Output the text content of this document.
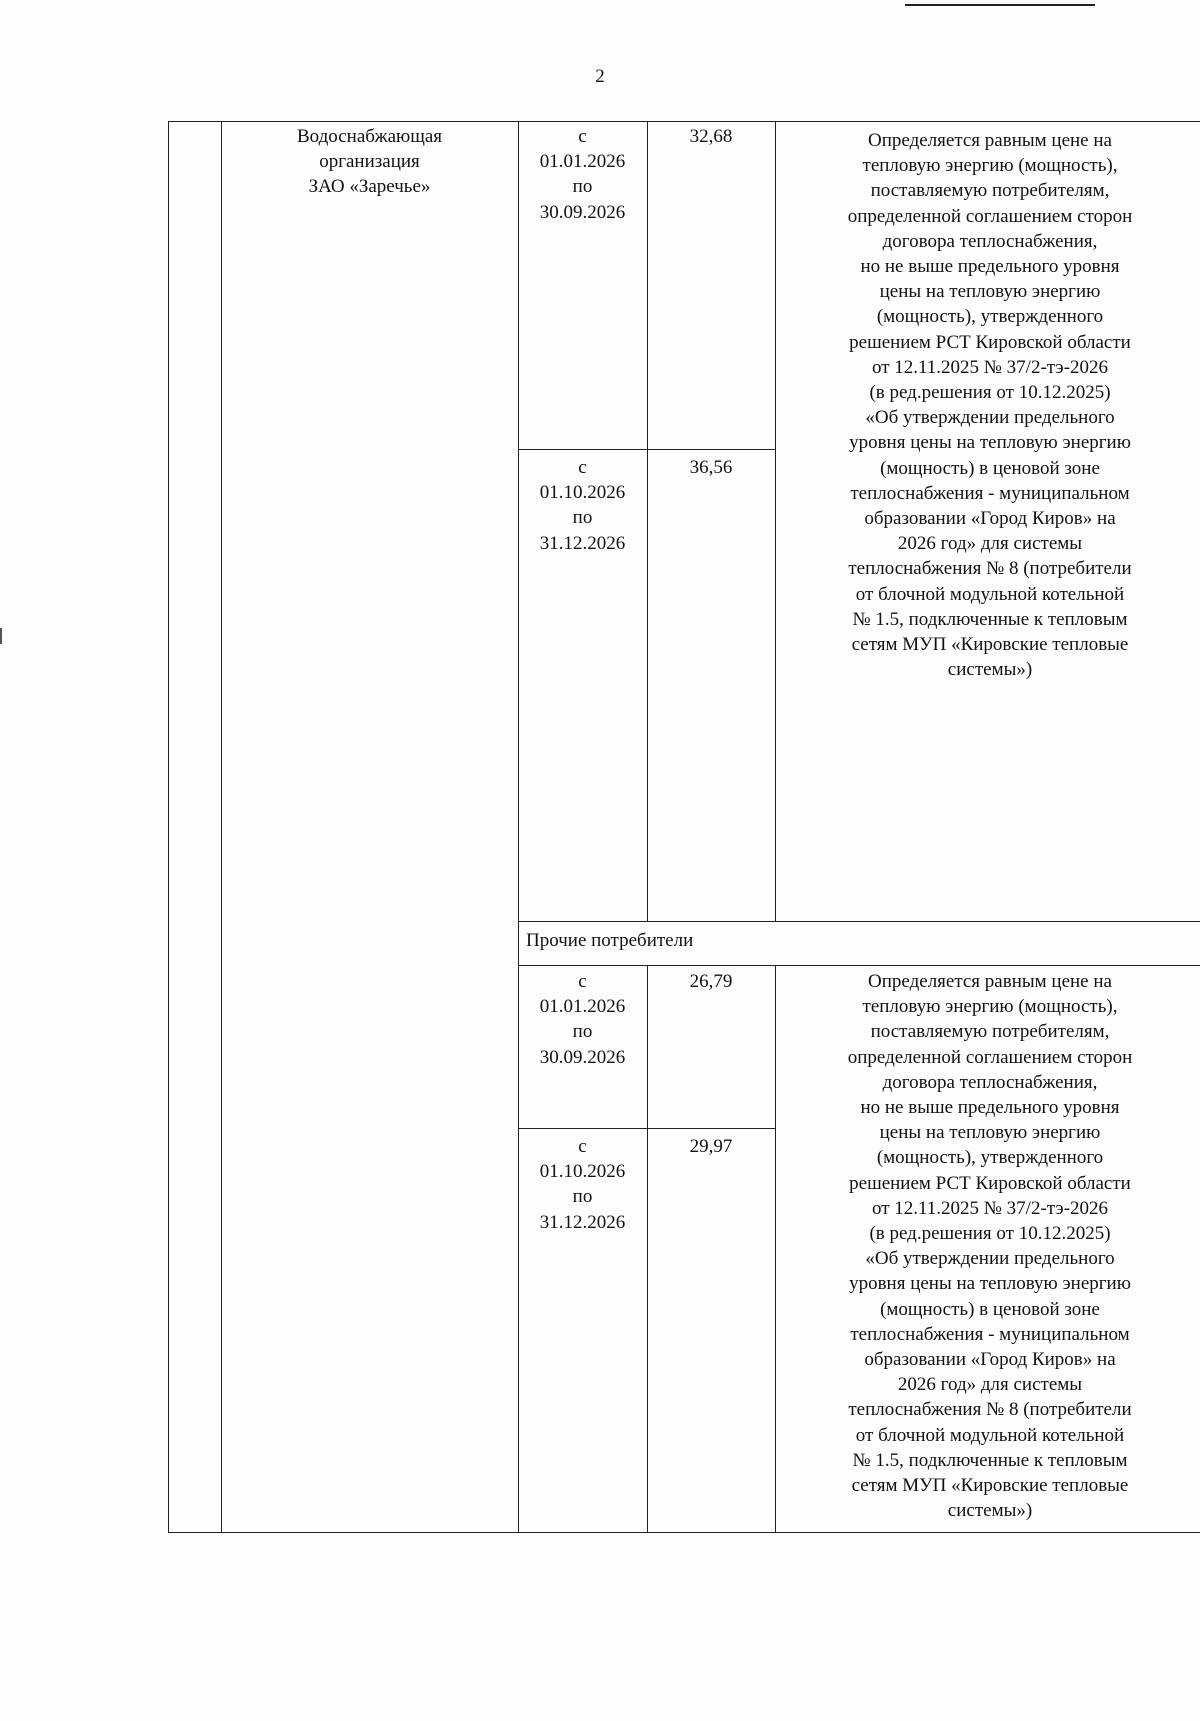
2
Водоснабжающая
организация
ЗАО «Заречье»
с
01.01.2026
по
30.09.2026
32,68
с
01.10.2026
по
31.12.2026
36,56
Определяется равным цене на
тепловую энергию (мощность),
поставляемую потребителям,
определенной соглашением сторон
договора теплоснабжения,
но не выше предельного уровня
цены на тепловую энергию
(мощность), утвержденного
решением РСТ Кировской области
от 12.11.2025 № 37/2-тэ-2026
(в ред.решения от 10.12.2025)
«Об утверждении предельного
уровня цены на тепловую энергию
(мощность) в ценовой зоне
теплоснабжения - муниципальном
образовании «Город Киров» на
2026 год» для системы
теплоснабжения № 8 (потребители
от блочной модульной котельной
№ 1.5, подключенные к тепловым
сетям МУП «Кировские тепловые
системы»)
Прочие потребители
с
01.01.2026
по
30.09.2026
26,79
с
01.10.2026
по
31.12.2026
29,97
Определяется равным цене на
тепловую энергию (мощность),
поставляемую потребителям,
определенной соглашением сторон
договора теплоснабжения,
но не выше предельного уровня
цены на тепловую энергию
(мощность), утвержденного
решением РСТ Кировской области
от 12.11.2025 № 37/2-тэ-2026
(в ред.решения от 10.12.2025)
«Об утверждении предельного
уровня цены на тепловую энергию
(мощность) в ценовой зоне
теплоснабжения - муниципальном
образовании «Город Киров» на
2026 год» для системы
теплоснабжения № 8 (потребители
от блочной модульной котельной
№ 1.5, подключенные к тепловым
сетям МУП «Кировские тепловые
системы»)
